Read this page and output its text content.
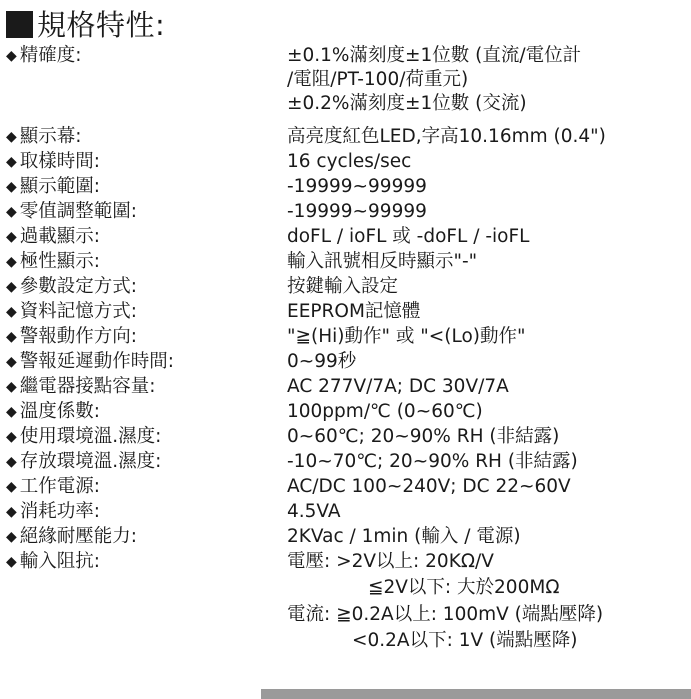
規格特性:
◆ 精確度:	±0.1%滿刻度±1位數 (直流/電位計
/電阻/PT-100/荷重元)
±0.2%滿刻度±1位數 (交流)
◆ 顯示幕:	高亮度紅色LED,字高10.16mm (0.4")
◆ 取樣時間:	16 cycles/sec
◆ 顯示範圍:	-19999~99999
◆ 零值調整範圍:	-19999~99999
◆ 過載顯示:	doFL / ioFL 或 -doFL / -ioFL
◆ 極性顯示:	輸入訊號相反時顯示"-"
◆ 參數設定方式:	按鍵輸入設定
◆ 資料記憶方式:	EEPROM記憶體
◆ 警報動作方向:	"≧(Hi)動作" 或 "<(Lo)動作"
◆ 警報延遲動作時間:	0~99秒
◆ 繼電器接點容量:	AC 277V/7A; DC 30V/7A
◆ 溫度係數:	100ppm/℃ (0~60℃)
◆ 使用環境溫.濕度:	0~60℃; 20~90% RH (非結露)
◆ 存放環境溫.濕度:	-10~70℃; 20~90% RH (非結露)
◆ 工作電源:	AC/DC 100~240V; DC 22~60V
◆ 消耗功率:	4.5VA
◆ 絕緣耐壓能力:	2KVac / 1min (輸入 / 電源)
◆ 輸入阻抗:	電壓: >2V以上: 20KΩ/V
≦2V以下: 大於200MΩ
電流: ≧0.2A以上: 100mV (端點壓降)
<0.2A以下: 1V (端點壓降)
